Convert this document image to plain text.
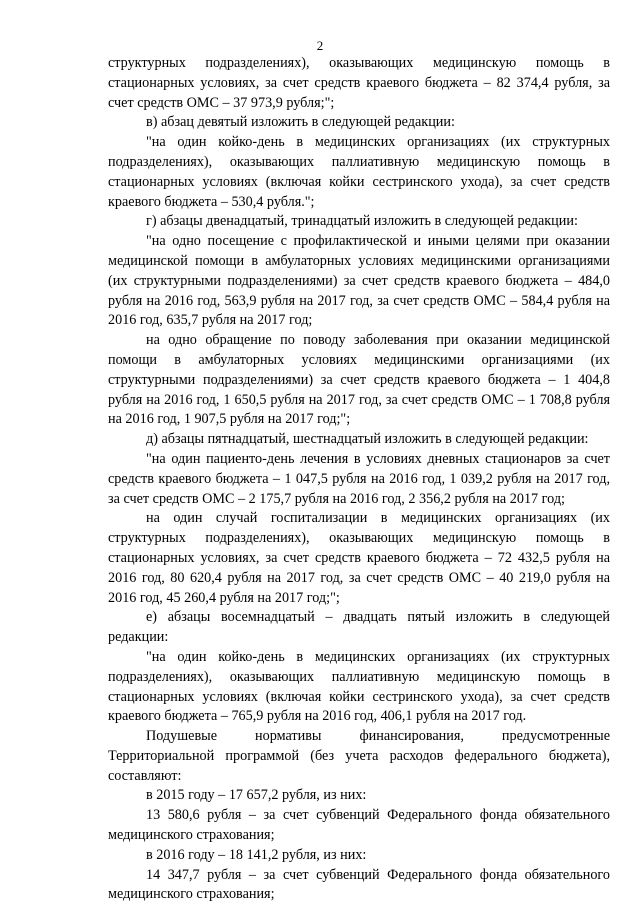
2

структурных подразделениях), оказывающих медицинскую помощь в стационарных условиях, за счет средств краевого бюджета – 82 374,4 рубля, за счет средств ОМС – 37 973,9 рубля;";

в) абзац девятый изложить в следующей редакции:

"на один койко-день в медицинских организациях (их структурных подразделениях), оказывающих паллиативную медицинскую помощь в стационарных условиях (включая койки сестринского ухода), за счет средств краевого бюджета – 530,4 рубля.";

г) абзацы двенадцатый, тринадцатый изложить в следующей редакции:

"на одно посещение с профилактической и иными целями при оказании медицинской помощи в амбулаторных условиях медицинскими организациями (их структурными подразделениями) за счет средств краевого бюджета – 484,0 рубля на 2016 год, 563,9 рубля на 2017 год, за счет средств ОМС – 584,4 рубля на 2016 год, 635,7 рубля на 2017 год;

на одно обращение по поводу заболевания при оказании медицинской помощи в амбулаторных условиях медицинскими организациями (их структурными подразделениями) за счет средств краевого бюджета – 1 404,8 рубля на 2016 год, 1 650,5 рубля на 2017 год, за счет средств ОМС – 1 708,8 рубля на 2016 год, 1 907,5 рубля на 2017 год;";

д) абзацы пятнадцатый, шестнадцатый изложить в следующей редакции:

"на один пациенто-день лечения в условиях дневных стационаров за счет средств краевого бюджета – 1 047,5 рубля на 2016 год, 1 039,2 рубля на 2017 год, за счет средств ОМС – 2 175,7 рубля на 2016 год, 2 356,2 рубля на 2017 год;

на один случай госпитализации в медицинских организациях (их структурных подразделениях), оказывающих медицинскую помощь в стационарных условиях, за счет средств краевого бюджета – 72 432,5 рубля на 2016 год, 80 620,4 рубля на 2017 год, за счет средств ОМС – 40 219,0 рубля на 2016 год, 45 260,4 рубля на 2017 год;";

е) абзацы восемнадцатый – двадцать пятый изложить в следующей редакции:

"на один койко-день в медицинских организациях (их структурных подразделениях), оказывающих паллиативную медицинскую помощь в стационарных условиях (включая койки сестринского ухода), за счет средств краевого бюджета – 765,9 рубля на 2016 год, 406,1 рубля на 2017 год.

Подушевые нормативы финансирования, предусмотренные Территориальной программой (без учета расходов федерального бюджета), составляют:

в 2015 году – 17 657,2 рубля, из них:

13 580,6 рубля – за счет субвенций Федерального фонда обязательного медицинского страхования;

в 2016 году – 18 141,2 рубля, из них:

14 347,7 рубля – за счет субвенций Федерального фонда обязательного медицинского страхования;
